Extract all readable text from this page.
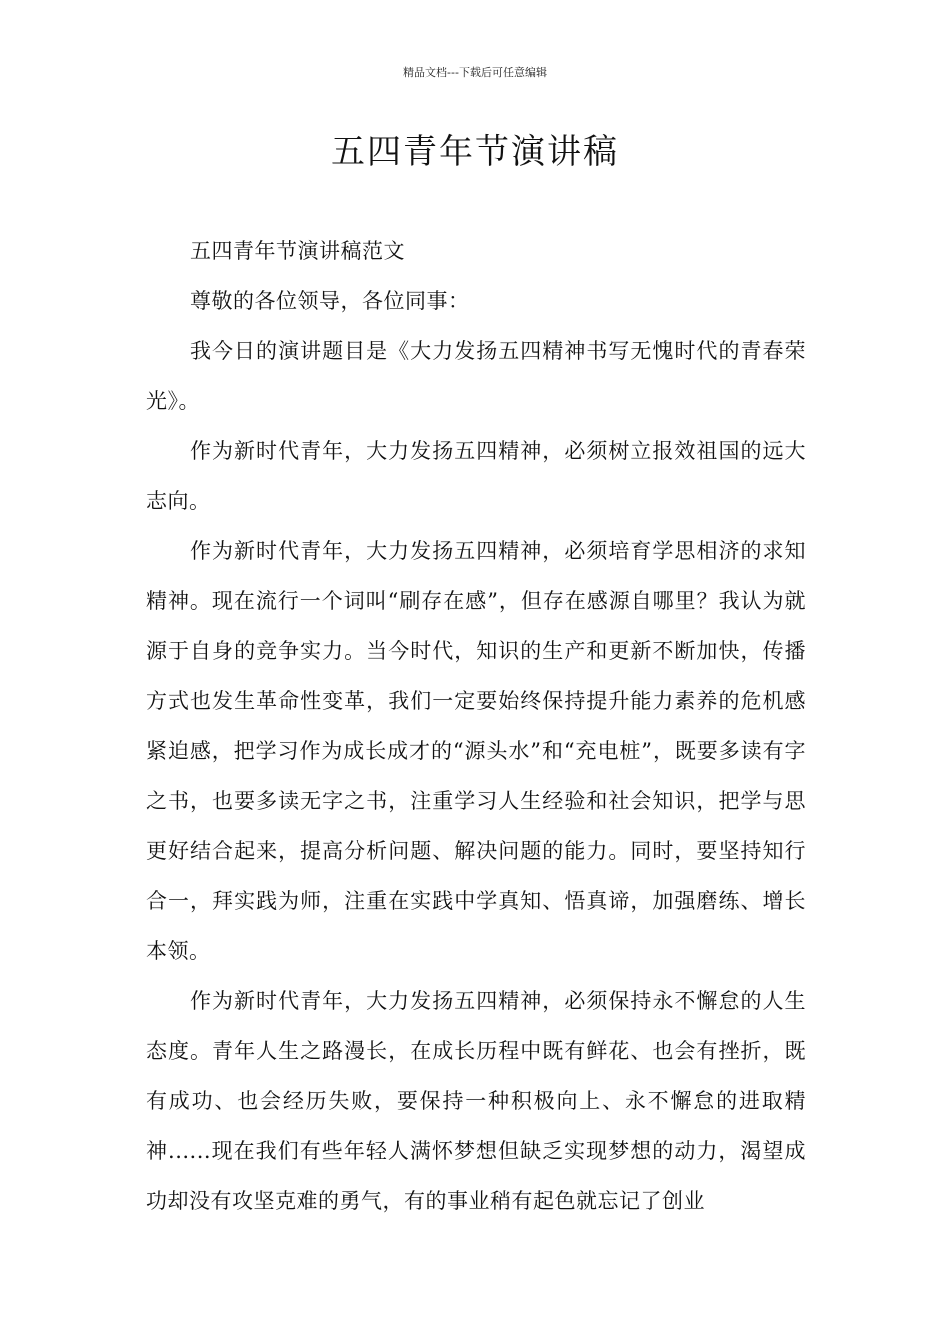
精品文档---下载后可任意编辑
五四青年节演讲稿

五四青年节演讲稿范文

尊敬的各位领导，各位同事：

我今日的演讲题目是《大力发扬五四精神书写无愧时代的青春荣光》。

作为新时代青年，大力发扬五四精神，必须树立报效祖国的远大志向。

作为新时代青年，大力发扬五四精神，必须培育学思相济的求知精神。现在流行一个词叫“刷存在感”，但存在感源自哪里？我认为就源于自身的竞争实力。当今时代，知识的生产和更新不断加快，传播方式也发生革命性变革，我们一定要始终保持提升能力素养的危机感紧迫感，把学习作为成长成才的“源头水”和“充电桩”，既要多读有字之书，也要多读无字之书，注重学习人生经验和社会知识，把学与思更好结合起来，提高分析问题、解决问题的能力。同时，要坚持知行合一，拜实践为师，注重在实践中学真知、悟真谛，加强磨练、增长本领。

作为新时代青年，大力发扬五四精神，必须保持永不懈怠的人生态度。青年人生之路漫长，在成长历程中既有鲜花、也会有挫折，既有成功、也会经历失败，要保持一种积极向上、永不懈怠的进取精神......现在我们有些年轻人满怀梦想但缺乏实现梦想的动力，渴望成功却没有攻坚克难的勇气，有的事业稍有起色就忘记了创业
